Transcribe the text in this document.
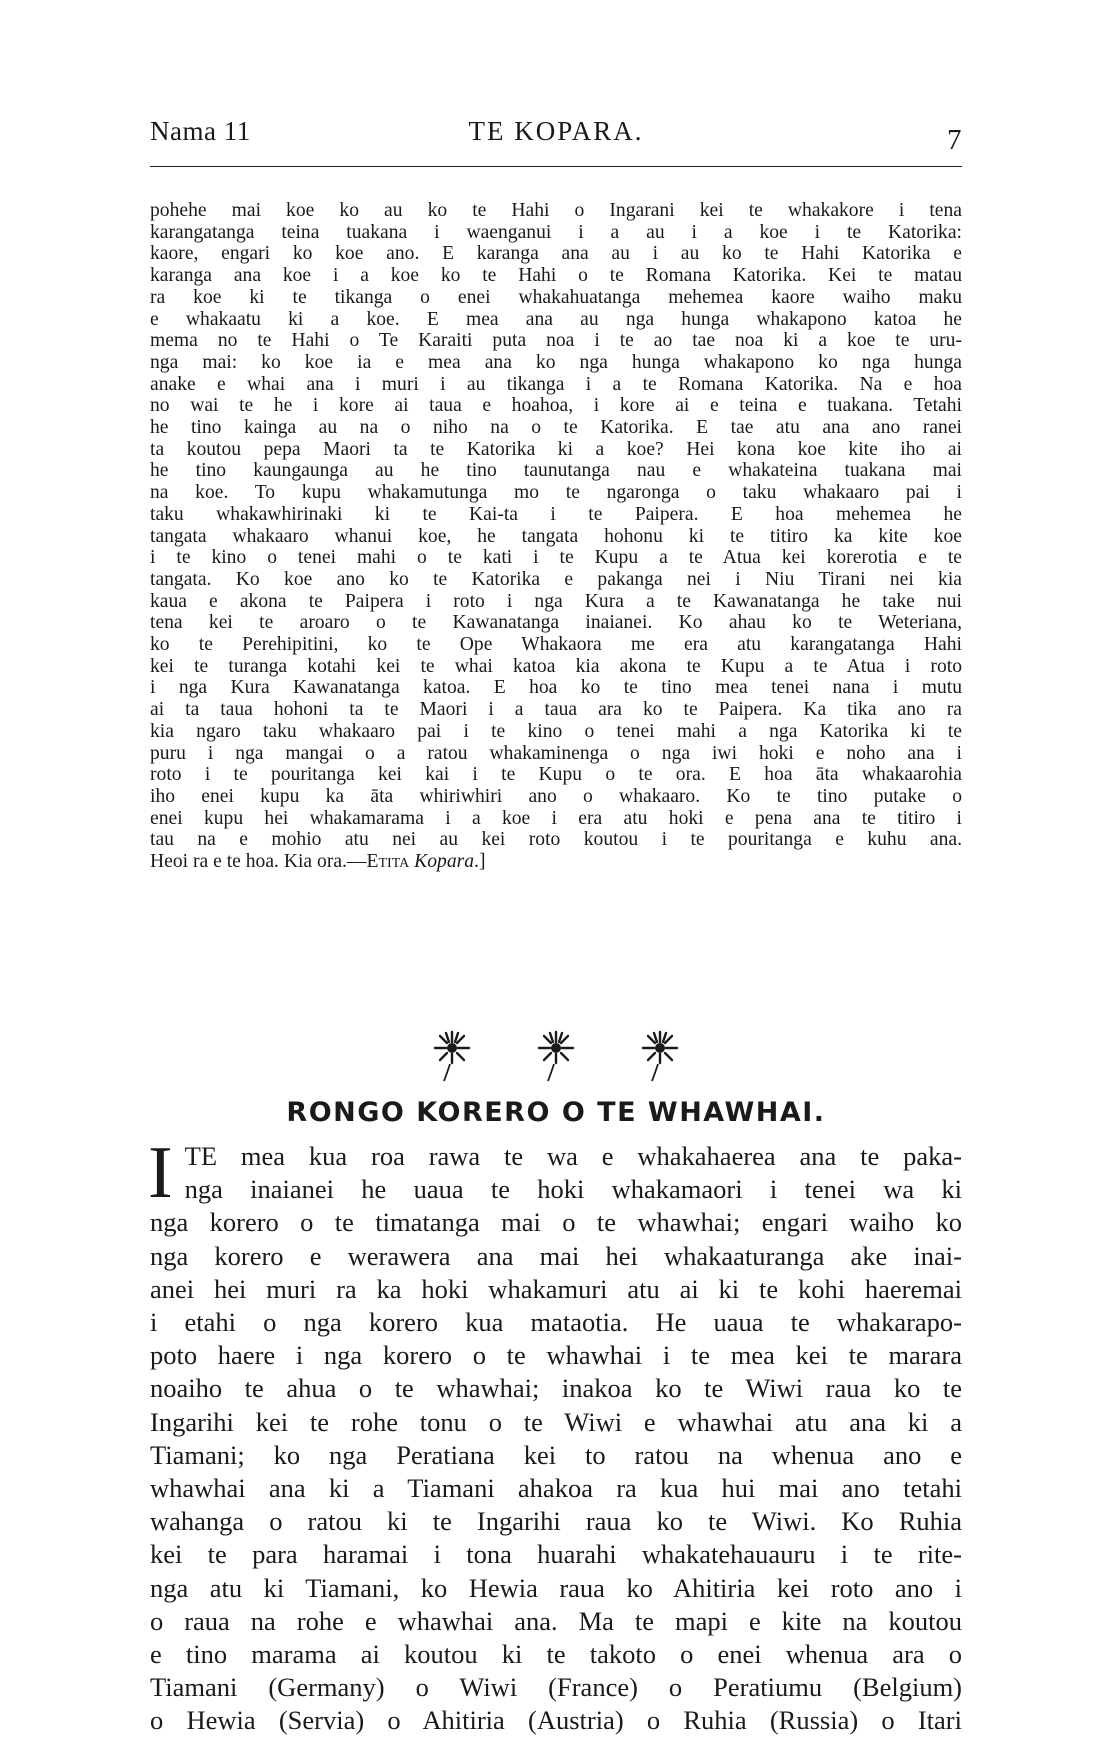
Nama 11	TE KOPARA.	7
pohehe mai koe ko au ko te Hahi o Ingarani kei te whakakore i tena
karangatanga teina tuakana i waenganui i a au i a koe i te Katorika:
kaore, engari ko koe ano. E karanga ana au i au ko te Hahi Katorika e
karanga ana koe i a koe ko te Hahi o te Romana Katorika. Kei te matau
ra koe ki te tikanga o enei whakahuatanga mehemea kaore waiho maku
e whakaatu ki a koe. E mea ana au nga hunga whakapono katoa he
mema no te Hahi o Te Karaiti puta noa i te ao tae noa ki a koe te uru-
nga mai: ko koe ia e mea ana ko nga hunga whakapono ko nga hunga
anake e whai ana i muri i au tikanga i a te Romana Katorika. Na e hoa
no wai te he i kore ai taua e hoahoa, i kore ai e teina e tuakana. Tetahi
he tino kainga au na o niho na o te Katorika. E tae atu ana ano ranei
ta koutou pepa Maori ta te Katorika ki a koe? Hei kona koe kite iho ai
he tino kaungaunga au he tino taunutanga nau e whakateina tuakana mai
na koe. To kupu whakamutunga mo te ngaronga o taku whakaaro pai i
taku whakawhirinaki ki te Kai-ta i te Paipera. E hoa mehemea he
tangata whakaaro whanui koe, he tangata hohonu ki te titiro ka kite koe
i te kino o tenei mahi o te kati i te Kupu a te Atua kei korerotia e te
tangata. Ko koe ano ko te Katorika e pakanga nei i Niu Tirani nei kia
kaua e akona te Paipera i roto i nga Kura a te Kawanatanga he take nui
tena kei te aroaro o te Kawanatanga inaianei. Ko ahau ko te Weteriana,
ko te Perehipitini, ko te Ope Whakaora me era atu karangatanga Hahi
kei te turanga kotahi kei te whai katoa kia akona te Kupu a te Atua i roto
i nga Kura Kawanatanga katoa. E hoa ko te tino mea tenei nana i mutu
ai ta taua hohoni ta te Maori i a taua ara ko te Paipera. Ka tika ano ra
kia ngaro taku whakaaro pai i te kino o tenei mahi a nga Katorika ki te
puru i nga mangai o a ratou whakaminenga o nga iwi hoki e noho ana i
roto i te pouritanga kei kai i te Kupu o te ora. E hoa āta whakaarohia
iho enei kupu ka āta whiriwhiri ano o whakaaro. Ko te tino putake o
enei kupu hei whakamarama i a koe i era atu hoki e pena ana te titiro i
tau na e mohio atu nei au kei roto koutou i te pouritanga e kuhu ana.
Heoi ra e te hoa. Kia ora.—Etita Kopara.]
RONGO KORERO O TE WHAWHAI.
I TE mea kua roa rawa te wa e whakahaerea ana te paka-
nga inaianei he uaua te hoki whakamaori i tenei wa ki
nga korero o te timatanga mai o te whawhai; engari waiho ko
nga korero e werawera ana mai hei whakaaturanga ake inai-
anei hei muri ra ka hoki whakamuri atu ai ki te kohi haeremai
i etahi o nga korero kua mataotia. He uaua te whakarapo-
poto haere i nga korero o te whawhai i te mea kei te marara
noaiho te ahua o te whawhai; inakoa ko te Wiwi raua ko te
Ingarihi kei te rohe tonu o te Wiwi e whawhai atu ana ki a
Tiamani; ko nga Peratiana kei to ratou na whenua ano e
whawhai ana ki a Tiamani ahakoa ra kua hui mai ano tetahi
wahanga o ratou ki te Ingarihi raua ko te Wiwi. Ko Ruhia
kei te para haramai i tona huarahi whakatehauauru i te rite-
nga atu ki Tiamani, ko Hewia raua ko Ahitiria kei roto ano i
o raua na rohe e whawhai ana. Ma te mapi e kite na koutou
e tino marama ai koutou ki te takoto o enei whenua ara o
Tiamani (Germany) o Wiwi (France) o Peratiumu (Belgium)
o Hewia (Servia) o Ahitiria (Austria) o Ruhia (Russia) o Itari
